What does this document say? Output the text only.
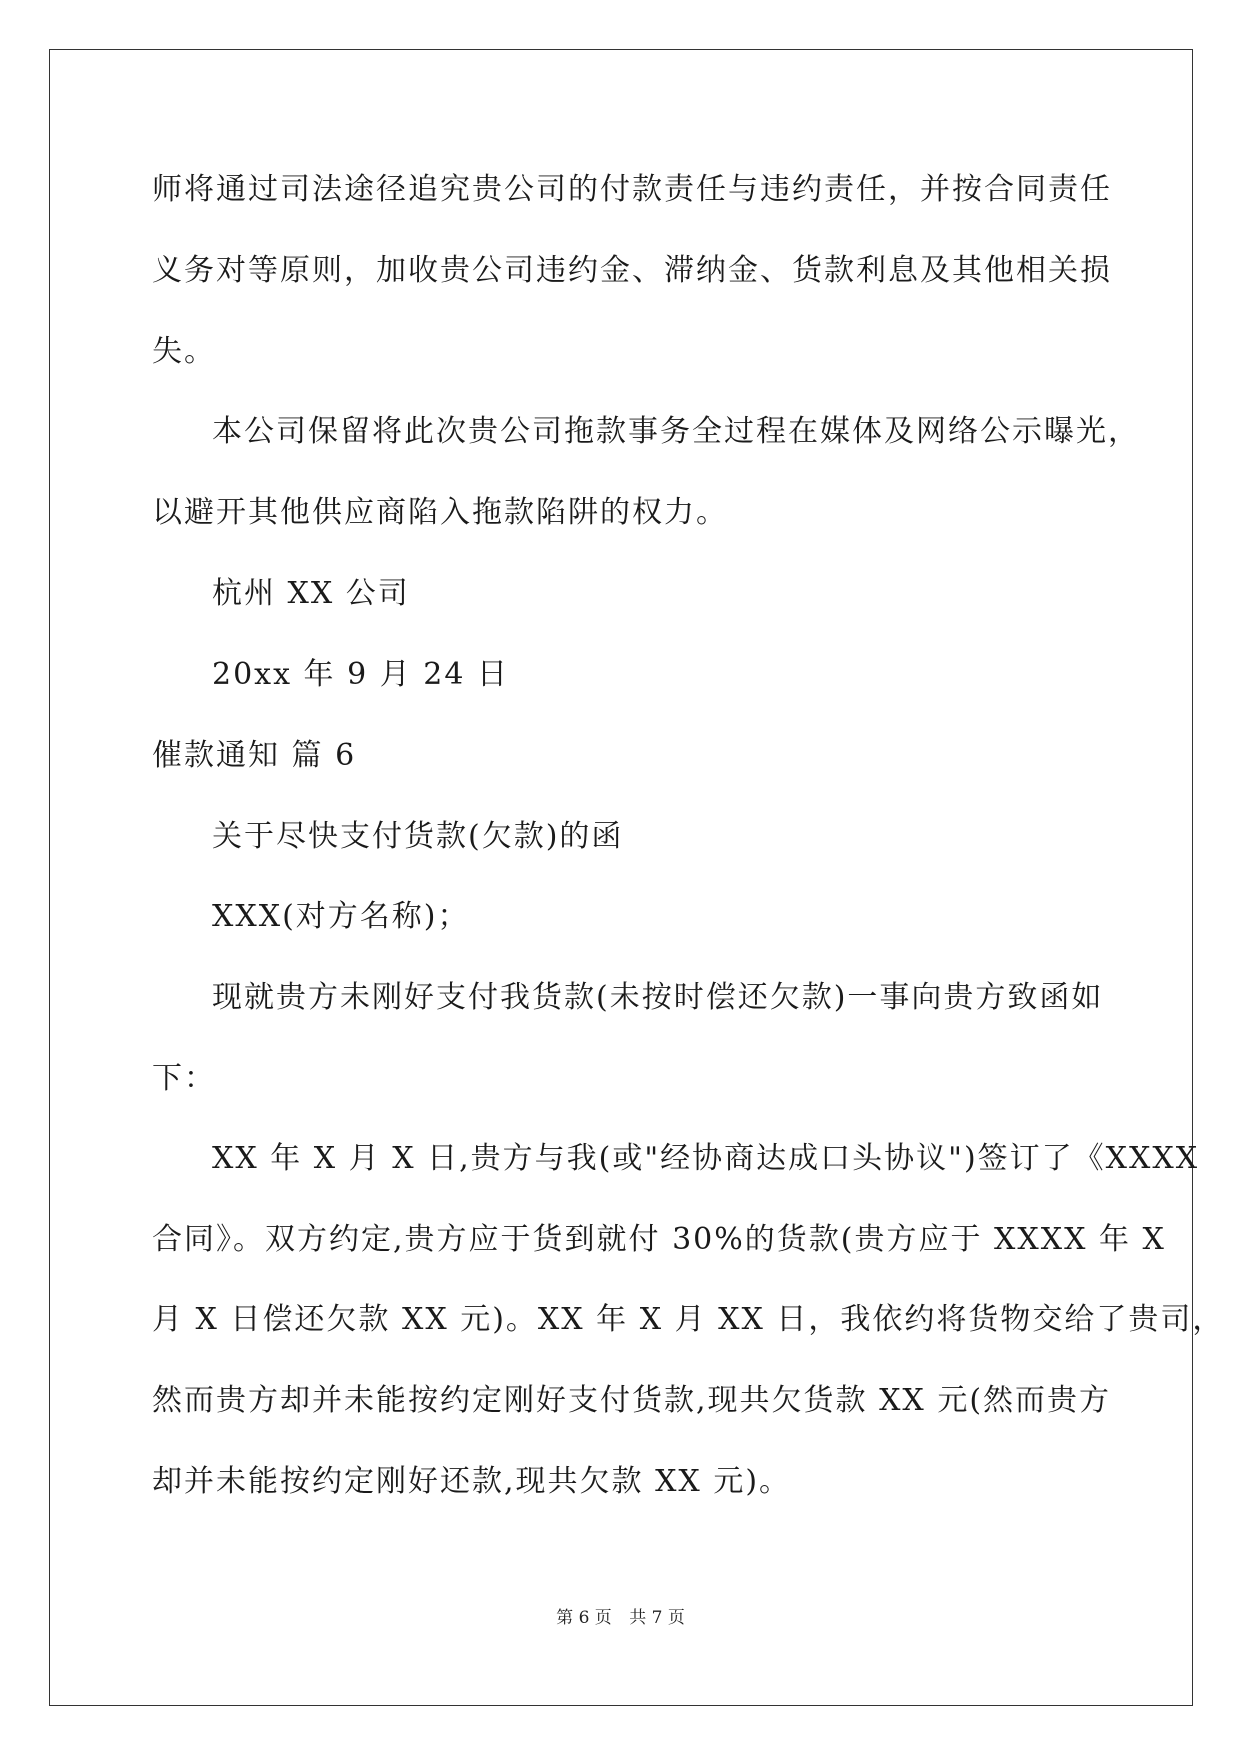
师将通过司法途径追究贵公司的付款责任与违约责任，并按合同责任
义务对等原则，加收贵公司违约金、滞纳金、货款利息及其他相关损
失。
本公司保留将此次贵公司拖款事务全过程在媒体及网络公示曝光，
以避开其他供应商陷入拖款陷阱的权力。
杭州 XX 公司
20xx 年 9 月 24 日
催款通知 篇 6
关于尽快支付货款(欠款)的函
XXX(对方名称)；
现就贵方未刚好支付我货款(未按时偿还欠款)一事向贵方致函如
下：
XX 年 X 月 X 日,贵方与我(或"经协商达成口头协议")签订了《XXXX
合同》。双方约定,贵方应于货到就付 30%的货款(贵方应于 XXXX 年 X
月 X 日偿还欠款 XX 元)。XX 年 X 月 XX 日，我依约将货物交给了贵司，
然而贵方却并未能按约定刚好支付货款,现共欠货款 XX 元(然而贵方
却并未能按约定刚好还款,现共欠款 XX 元)。
第 6 页 共 7 页
